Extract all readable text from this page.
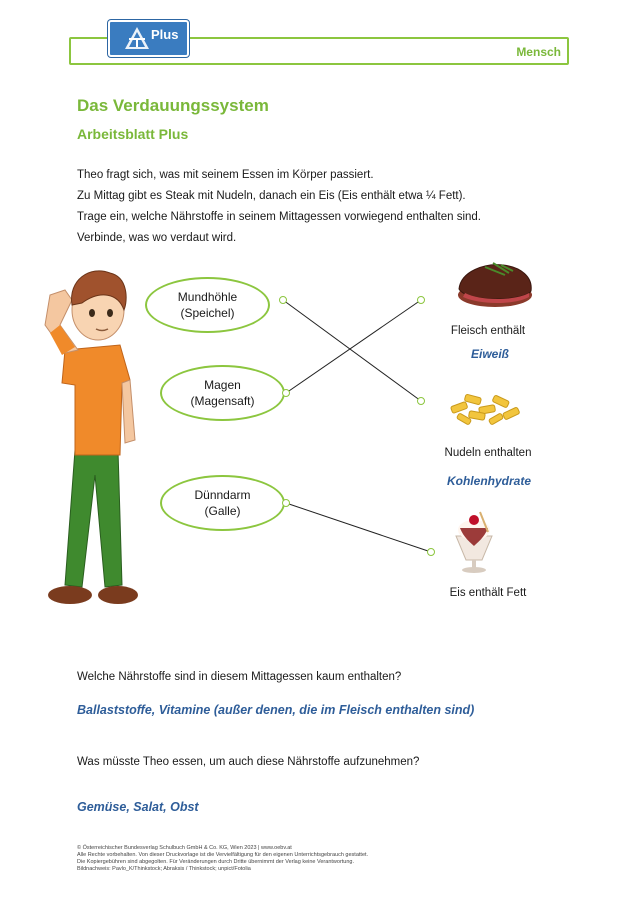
Mensch
Plus
Das Verdauungssystem
Arbeitsblatt Plus

Theo fragt sich, was mit seinem Essen im Körper passiert.

Zu Mittag gibt es Steak mit Nudeln, danach ein Eis (Eis enthält etwa ¼ Fett).

Trage ein, welche Nährstoffe in seinem Mittagessen vorwiegend enthalten sind.

Verbinde, was wo verdaut wird.

Mundhöhle
(Speichel)
Magen
(Magensaft)
Dünndarm
(Galle)
Fleisch enthält
Eiweiß
Nudeln enthalten
Kohlenhydrate
Eis enthält Fett
Welche Nährstoffe sind in diesem Mittagessen kaum enthalten?
Ballaststoffe, Vitamine (außer denen, die im Fleisch enthalten sind)
Was müsste Theo essen, um auch diese Nährstoffe aufzunehmen?
Gemüse, Salat, Obst

© Österreichischer Bundesverlag Schulbuch GmbH & Co. KG, Wien 2023 | www.oebv.at

Alle Rechte vorbehalten. Von dieser Druckvorlage ist die Vervielfältigung für den eigenen Unterrichtsgebrauch gestattet.

Die Kopiergebühren sind abgegolten. Für Veränderungen durch Dritte übernimmt der Verlag keine Verantwortung.

Bildnachweis: Pavlo_K/Thinkstock; Abraksis / Thinkstock; unpict/Fotolia
